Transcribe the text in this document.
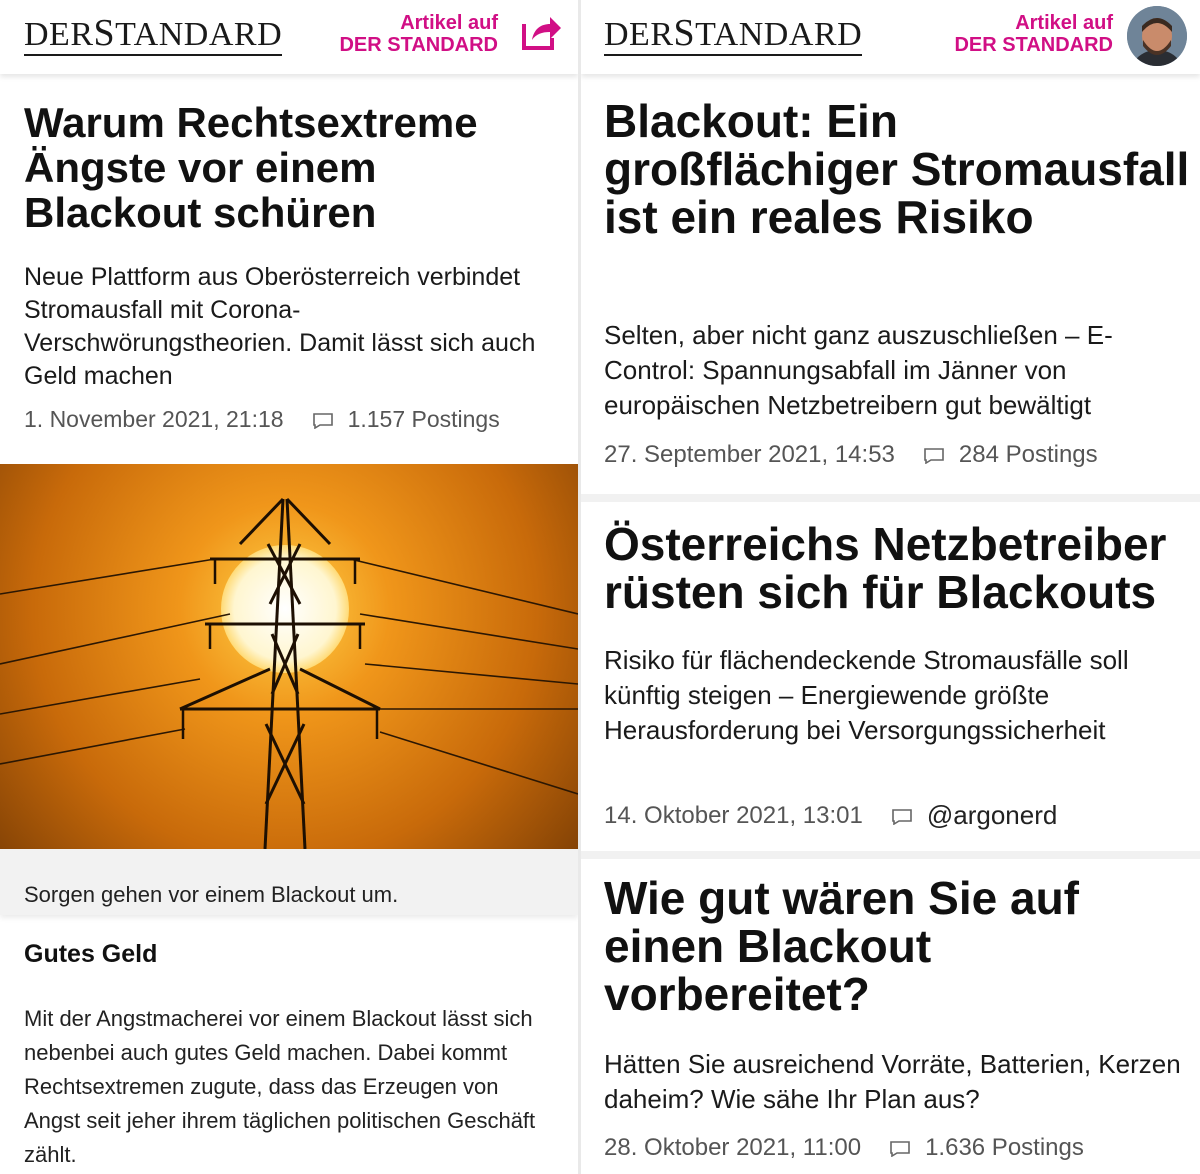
DERSTANDARD	Artikel auf
DER STANDARD
Warum Rechtsextreme Ängste vor einem Blackout schüren

Neue Plattform aus Oberösterreich verbindet Stromausfall mit Corona-Verschwörungstheorien. Damit lässt sich auch Geld machen

1. November 2021, 21:18	1.157 Postings
Sorgen gehen vor einem Blackout um.
Gutes Geld

Mit der Angstmacherei vor einem Blackout lässt sich nebenbei auch gutes Geld machen. Dabei kommt Rechtsextremen zugute, dass das Erzeugen von Angst seit jeher ihrem täglichen politischen Geschäft zählt.

DERSTANDARD	Artikel auf
DER STANDARD
Blackout: Ein großflächiger Stromausfall ist ein reales Risiko

Selten, aber nicht ganz auszuschließen – E-Control: Spannungsabfall im Jänner von europäischen Netzbetreibern gut bewältigt

27. September 2021, 14:53	284 Postings
Österreichs Netzbetreiber rüsten sich für Blackouts

Risiko für flächendeckende Stromausfälle soll künftig steigen – Energiewende größte Herausforderung bei Versorgungssicherheit

14. Oktober 2021, 13:01 @argonerd
Wie gut wären Sie auf einen Blackout vorbereitet?

Hätten Sie ausreichend Vorräte, Batterien, Kerzen daheim? Wie sähe Ihr Plan aus?

28. Oktober 2021, 11:00	1.636 Postings
